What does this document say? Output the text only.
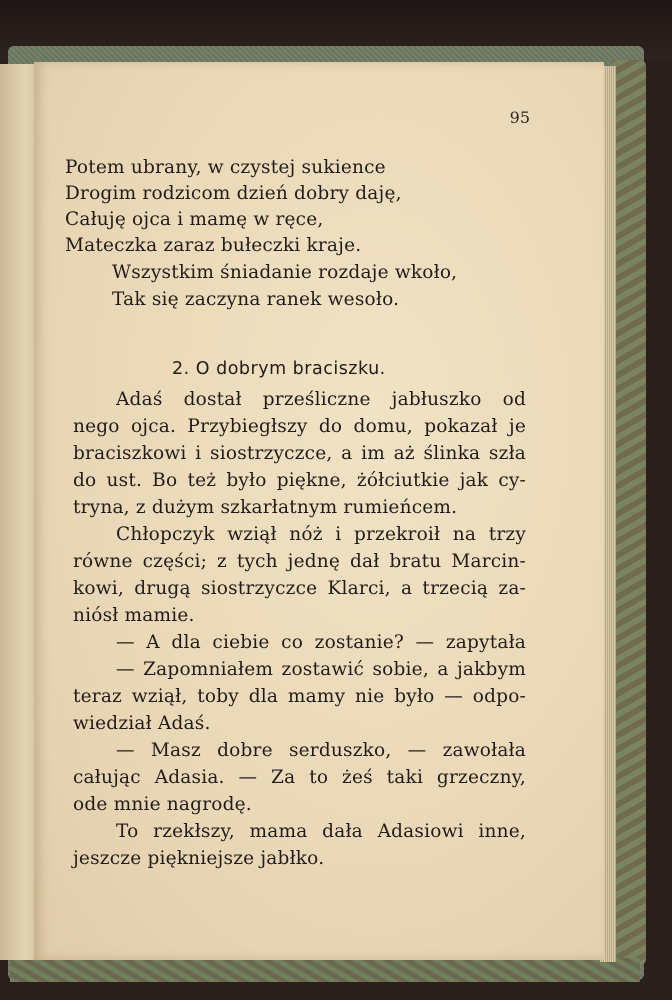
95
Potem ubrany, w czystej sukience
Drogim rodzicom dzień dobry daję,
Całuję ojca i mamę w ręce,
Mateczka zaraz bułeczki kraje.
Wszystkim śniadanie rozdaje wkoło,
Tak się zaczyna ranek wesoło.
2. O dobrym braciszku.
Adaś dostał prześliczne jabłuszko od
nego ojca. Przybiegłszy do domu, pokazał je
braciszkowi i siostrzyczce, a im aż ślinka szła
do ust. Bo też było piękne, żółciutkie jak cy-
tryna, z dużym szkarłatnym rumieńcem.
Chłopczyk wziął nóż i przekroił na trzy
równe części; z tych jednę dał bratu Marcin-
kowi, drugą siostrzyczce Klarci, a trzecią za-
niósł mamie.
— A dla ciebie co zostanie? — zapytała
— Zapomniałem zostawić sobie, a jakbym
teraz wziął, toby dla mamy nie było — odpo-
wiedział Adaś.
— Masz dobre serduszko, — zawołała
całując Adasia. — Za to żeś taki grzeczny,
ode mnie nagrodę.
To rzekłszy, mama dała Adasiowi inne,
jeszcze piękniejsze jabłko.
